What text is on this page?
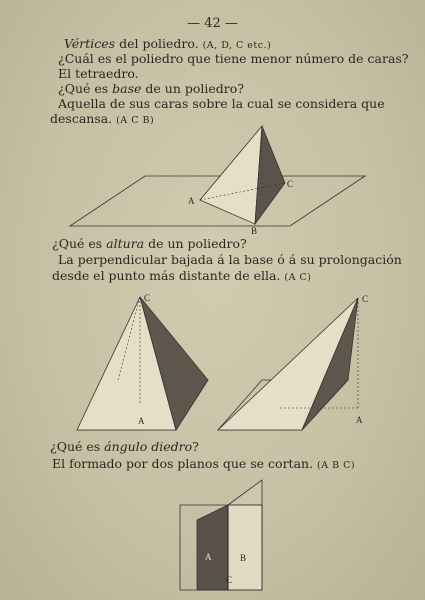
— 42 —
Vértices del poliedro. (A, D, C etc.)
¿Cuál es el poliedro que tiene menor número de caras?
El tetraedro.
¿Qué es base de un poliedro?
Aquella de sus caras sobre la cual se considera que
descansa. (A C B)
A
B
C
¿Qué es altura de un poliedro?
La perpendicular bajada á la base ó á su prolongación
desde el punto más distante de ella. (A C)
C
A
C
A
¿Qué es ángulo diedro?
El formado por dos planos que se cortan. (A B C)
A	B
C
